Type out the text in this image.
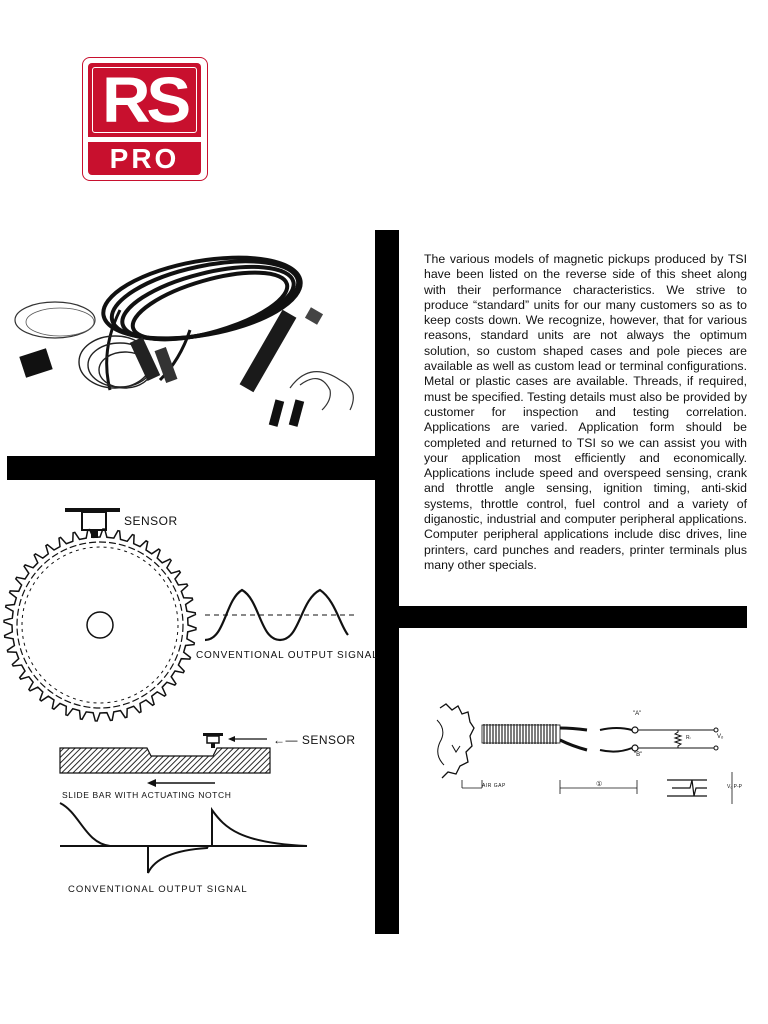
RS
PRO

The various models of magnetic pickups produced by TSI have been listed on the reverse side of this sheet along with their performance characteristics. We strive to produce “standard” units for our many customers so as to keep costs down. We recognize, however, that for various reasons, standard units are not always the optimum solution, so custom shaped cases and pole pieces are available as well as custom lead or terminal configurations. Metal or plastic cases are available. Threads, if required, must be specified. Testing details must also be provided by customer for inspection and testing correlation. Applications are varied. Application form should be completed and returned to TSI so we can assist you with your application most efficiently and economically. Applications include speed and overspeed sensing, crank and throttle angle sensing, ignition timing, anti-skid systems, throttle control, fuel control and a variety of diganostic, industrial and computer peripheral applications. Computer peripheral applications include disc drives, line printers, card punches and readers, printer terminals plus many other specials.

SENSOR
CONVENTIONAL OUTPUT SIGNAL
←— SENSOR
SLIDE BAR WITH ACTUATING NOTCH
CONVENTIONAL OUTPUT SIGNAL
AIR GAP
"A"
"B"
Rₗ	Vₒ
Vₒ P-P
①
